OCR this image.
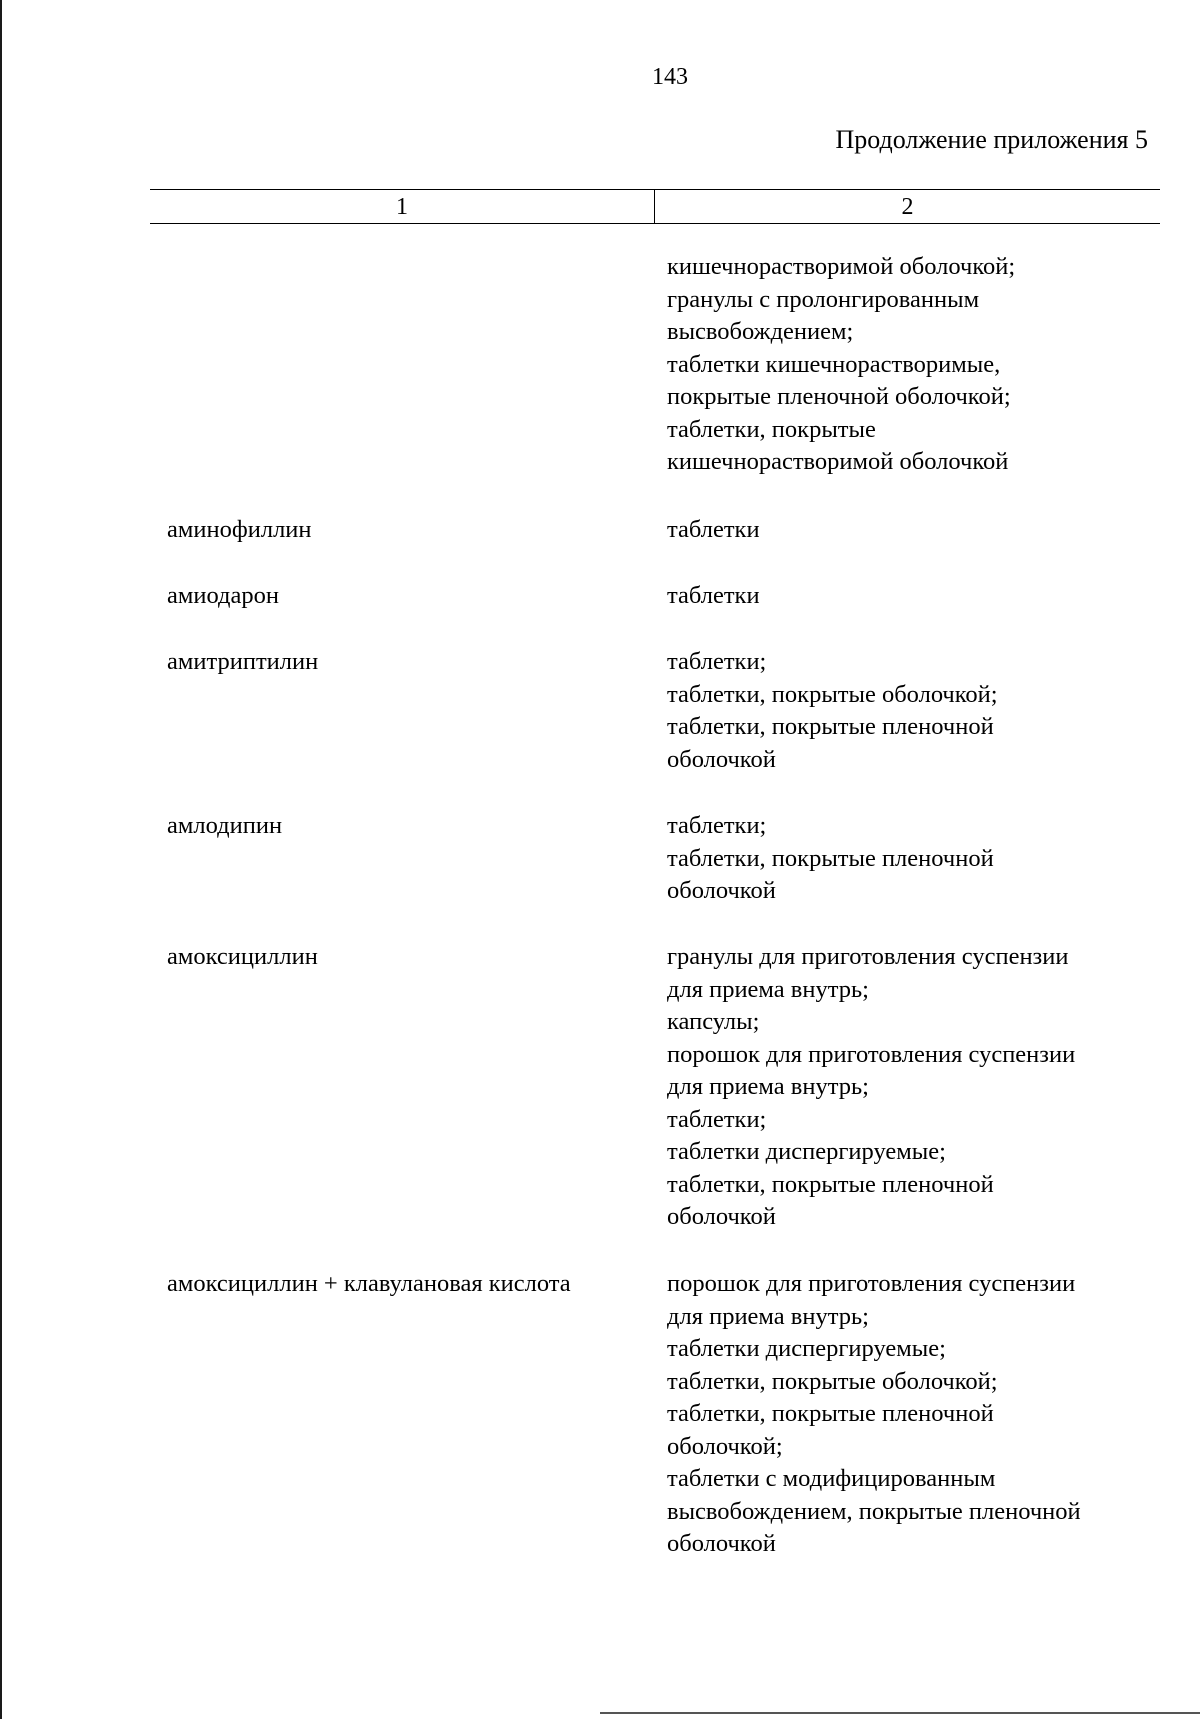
143
Продолжение приложения 5
1	2
кишечнорастворимой оболочкой;
гранулы с пролонгированным
высвобождением;
таблетки кишечнорастворимые,
покрытые пленочной оболочкой;
таблетки, покрытые
кишечнорастворимой оболочкой
аминофиллин	таблетки
амиодарон	таблетки
амитриптилин	таблетки;
таблетки, покрытые оболочкой;
таблетки, покрытые пленочной
оболочкой
амлодипин	таблетки;
таблетки, покрытые пленочной
оболочкой
амоксициллин	гранулы для приготовления суспензии
для приема внутрь;
капсулы;
порошок для приготовления суспензии
для приема внутрь;
таблетки;
таблетки диспергируемые;
таблетки, покрытые пленочной
оболочкой
амоксициллин + клавулановая кислота	порошок для приготовления суспензии
для приема внутрь;
таблетки диспергируемые;
таблетки, покрытые оболочкой;
таблетки, покрытые пленочной
оболочкой;
таблетки с модифицированным
высвобождением, покрытые пленочной
оболочкой
